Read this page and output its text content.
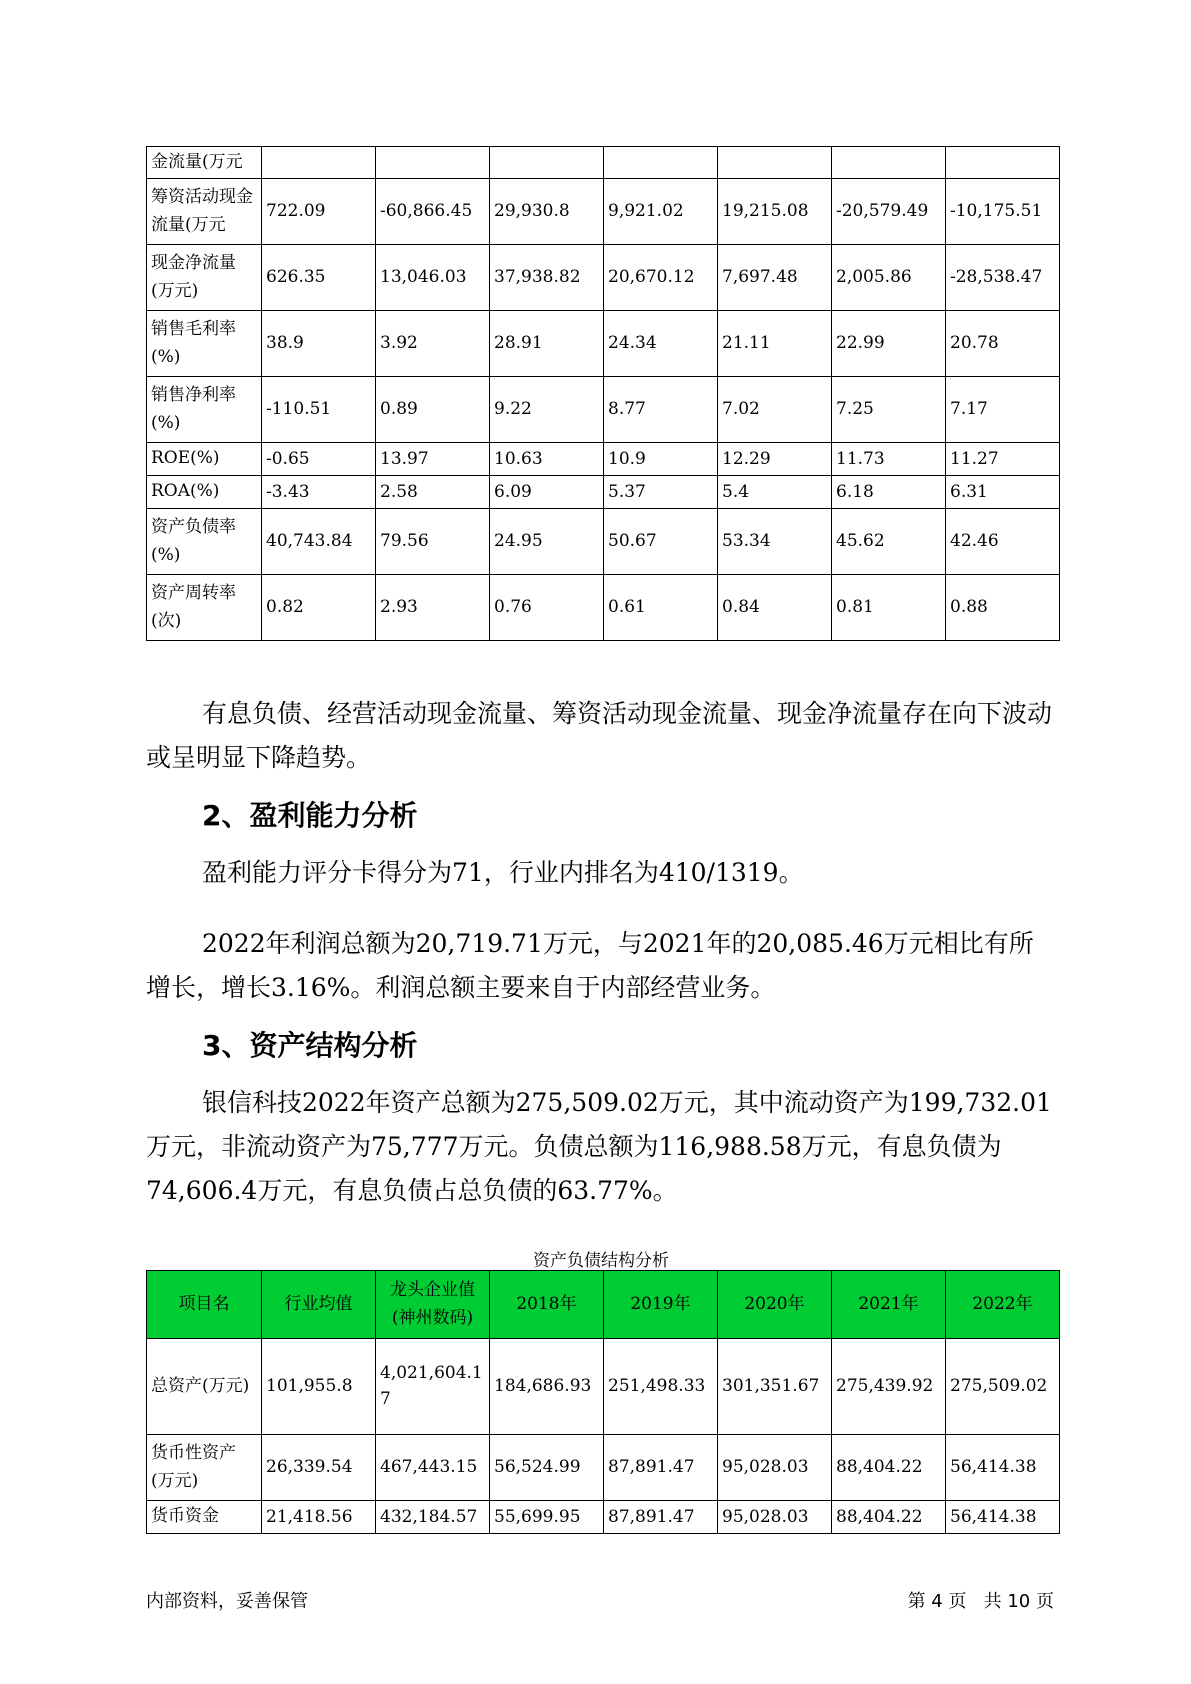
金流量(万元							
筹资活动现金流量(万元	722.09	-60,866.45	29,930.8	9,921.02	19,215.08	-20,579.49	-10,175.51
现金净流量(万元)	626.35	13,046.03	37,938.82	20,670.12	7,697.48	2,005.86	-28,538.47
销售毛利率(%)	38.9	3.92	28.91	24.34	21.11	22.99	20.78
销售净利率(%)	-110.51	0.89	9.22	8.77	7.02	7.25	7.17
ROE(%)	-0.65	13.97	10.63	10.9	12.29	11.73	11.27
ROA(%)	-3.43	2.58	6.09	5.37	5.4	6.18	6.31
资产负债率(%)	40,743.84	79.56	24.95	50.67	53.34	45.62	42.46
资产周转率(次)	0.82	2.93	0.76	0.61	0.84	0.81	0.88

有息负债、经营活动现金流量、筹资活动现金流量、现金净流量存在向下波动或呈明显下降趋势。

2、盈利能力分析

盈利能力评分卡得分为71，行业内排名为410/1319。

2022年利润总额为20,719.71万元，与2021年的20,085.46万元相比有所增长，增长3.16%。利润总额主要来自于内部经营业务。

3、资产结构分析

银信科技2022年资产总额为275,509.02万元，其中流动资产为199,732.01万元，非流动资产为75,777万元。负债总额为116,988.58万元，有息负债为74,606.4万元，有息负债占总负债的63.77%。

资产负债结构分析

项目名	行业均值	龙头企业值(神州数码)	2018年	2019年	2020年	2021年	2022年
总资产(万元)	101,955.8	4,021,604.17	184,686.93	251,498.33	301,351.67	275,439.92	275,509.02
货币性资产(万元)	26,339.54	467,443.15	56,524.99	87,891.47	95,028.03	88,404.22	56,414.38
货币资金	21,418.56	432,184.57	55,699.95	87,891.47	95,028.03	88,404.22	56,414.38

内部资料，妥善保管	第 4 页   共 10 页
